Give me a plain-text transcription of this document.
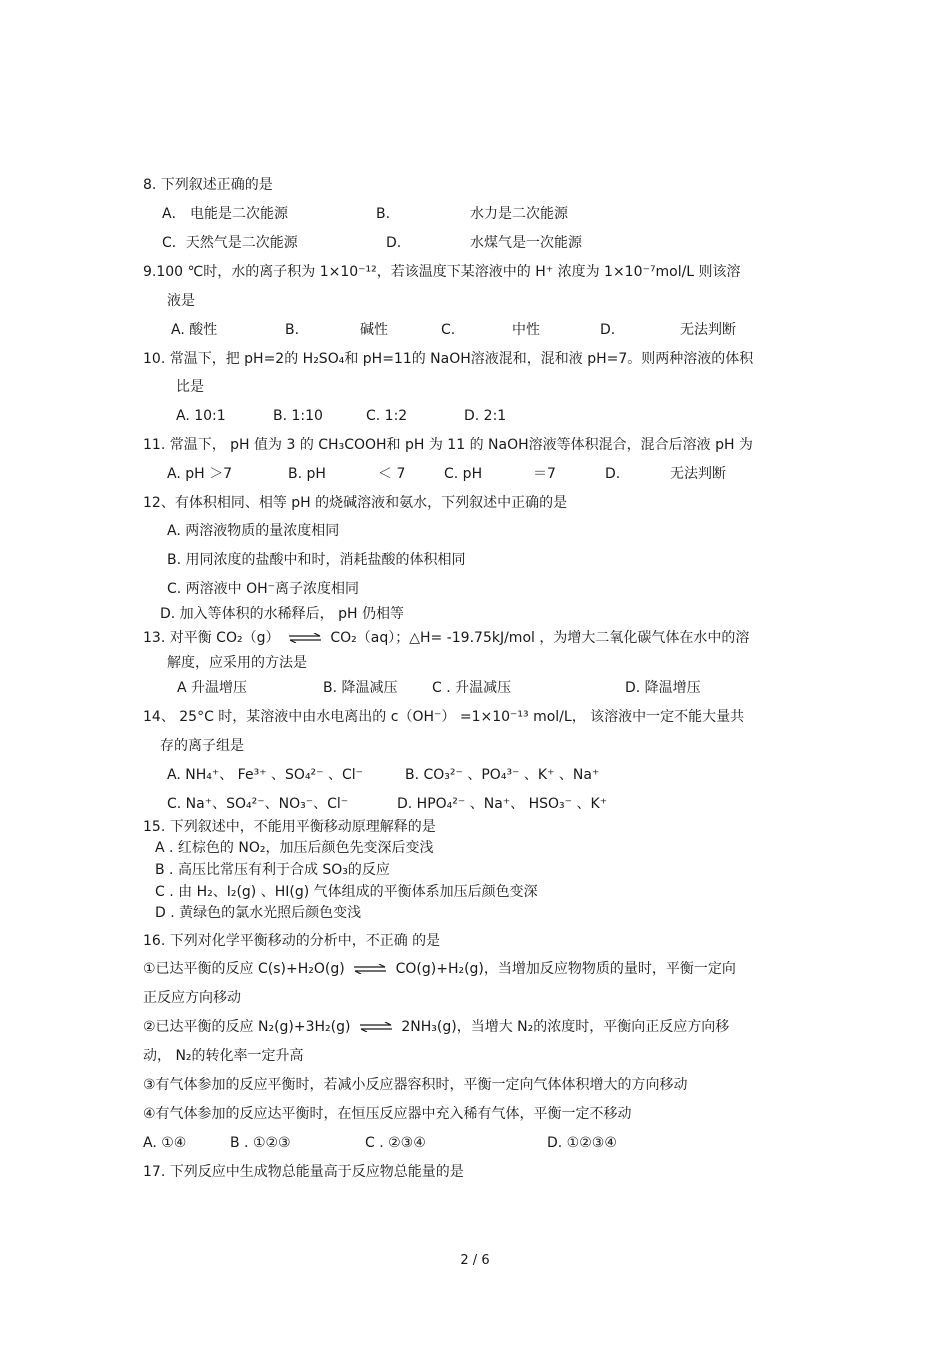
8. 下列叙述正确的是
A． 电能是二次能源	B.	水力是二次能源
C．天然气是二次能源	D.	水煤气是一次能源
9.100 ℃时，水的离子积为 1×10⁻¹²，若该温度下某溶液中的 H⁺ 浓度为 1×10⁻⁷mol/L 则该溶
液是
A. 酸性	B.	碱性	C.	中性	D.	无法判断
10. 常温下，把 pH=2的 H₂SO₄和 pH=11的 NaOH溶液混和，混和液 pH=7。则两种溶液的体积
比是
A. 10:1	B. 1:10	C. 1:2	D. 2:1
11. 常温下， pH 值为 3 的 CH₃COOH和 pH 为 11 的 NaOH溶液等体积混合，混合后溶液 pH 为
A. pH ＞7	B. pH	＜ 7	C. pH	＝7	D.	无法判断
12、有体积相同、相等 pH 的烧碱溶液和氨水，下列叙述中正确的是
A. 两溶液物质的量浓度相同
B. 用同浓度的盐酸中和时，消耗盐酸的体积相同
C. 两溶液中 OH⁻离子浓度相同
D. 加入等体积的水稀释后， pH 仍相等
13. 对平衡 CO₂（g） ⇌ CO₂（aq）；△H= -19.75kJ/mol ，为增大二氧化碳气体在水中的溶
解度，应采用的方法是
A 升温增压	B. 降温减压 C . 升温减压	D. 降温增压
14、 25°C 时，某溶液中由水电离出的 c（OH⁻） =1×10⁻¹³ mol/L， 该溶液中一定不能大量共
存的离子组是
A. NH₄⁺、 Fe³⁺ 、SO₄²⁻ 、Cl⁻	B. CO₃²⁻ 、PO₄³⁻ 、K⁺ 、Na⁺
C. Na⁺、SO₄²⁻、NO₃⁻、Cl⁻	D. HPO₄²⁻ 、Na⁺、 HSO₃⁻ 、K⁺
15. 下列叙述中，不能用平衡移动原理解释的是
A . 红棕色的 NO₂，加压后颜色先变深后变浅
B . 高压比常压有利于合成 SO₃的反应
C . 由 H₂、I₂(g) 、HI(g) 气体组成的平衡体系加压后颜色变深
D . 黄绿色的氯水光照后颜色变浅
16. 下列对化学平衡移动的分析中，不正确 的是
①已达平衡的反应 C(s)+H₂O(g) ⇌ CO(g)+H₂(g)，当增加反应物物质的量时，平衡一定向
正反应方向移动
②已达平衡的反应 N₂(g)+3H₂(g) ⇌ 2NH₃(g)，当增大 N₂的浓度时，平衡向正反应方向移
动， N₂的转化率一定升高
③有气体参加的反应平衡时，若减小反应器容积时，平衡一定向气体体积增大的方向移动
④有气体参加的反应达平衡时，在恒压反应器中充入稀有气体，平衡一定不移动
A. ①④	B . ①②③	C . ②③④	D. ①②③④
17. 下列反应中生成物总能量高于反应物总能量的是
2 / 6
